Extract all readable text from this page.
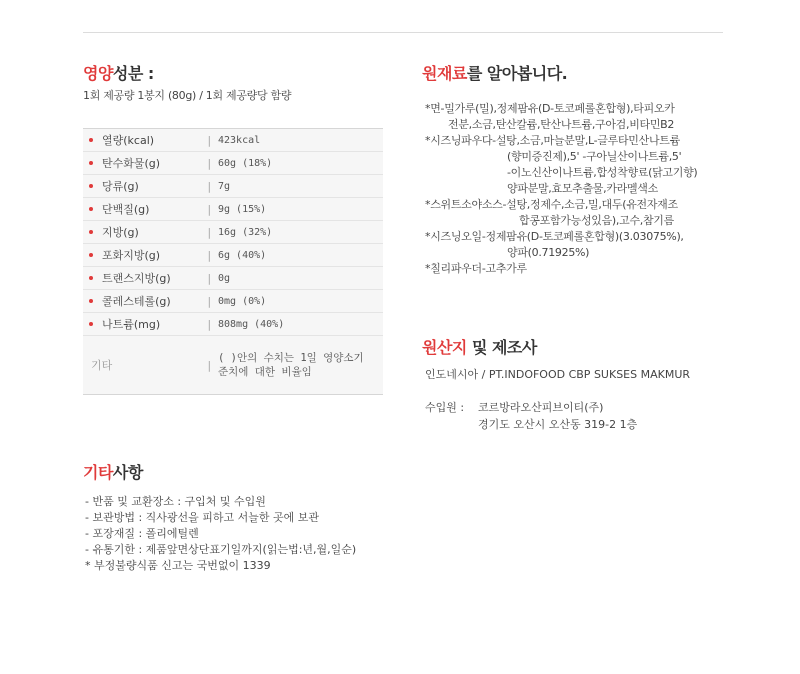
영양성분 :
1회 제공량 1봉지 (80g) / 1회 제공량당 함량
열량(kcal)	|	423kcal

탄수화물(g)	|	60g (18%)

당류(g)	|	7g

단백질(g)	|	9g (15%)

지방(g)	|	16g (32%)

포화지방(g)	|	6g (40%)

트랜스지방(g)	|	0g

콜레스테롤(g)	|	0mg (0%)

나트륨(mg)	|	808mg (40%)
기타	|	( )안의 수치는 1일 영양소기준치에 대한 비율임
기타사항
- 반품 및 교환장소 : 구입처 및 수입원
- 보관방법 : 직사광선을 피하고 서늘한 곳에 보관
- 포장재질 : 폴리에틸렌
- 유통기한 : 제품앞면상단표기일까지(읽는법:년,월,일순)
* 부정불량식품 신고는 국번없이 1339
원재료를 알아봅니다.
*면-밀가루(밀),정제팜유(D-토코페롤혼합형),타피오카
전분,소금,탄산칼륨,탄산나트륨,구아검,비타민B2
*시즈닝파우다-설탕,소금,마늘분말,L-글루타민산나트륨
(향미증진제),5' -구아닐산이나트륨,5'
-이노신산이나트륨,합성착향료(닭고기향)
양파분말,효모추출물,카라멜색소
*스위트소야소스-설탕,정제수,소금,밀,대두(유전자재조
합콩포함가능성있음),고수,참기름
*시즈닝오일-정제팜유(D-토코페롤혼합형)(3.03075%),
양파(0.71925%)
*칠리파우더-고추가루
원산지 및 제조사
인도네시아 / PT.INDOFOOD CBP SUKSES MAKMUR
수입원 :	코르방라오산피브이티(주)
경기도 오산시 오산동 319-2 1층
